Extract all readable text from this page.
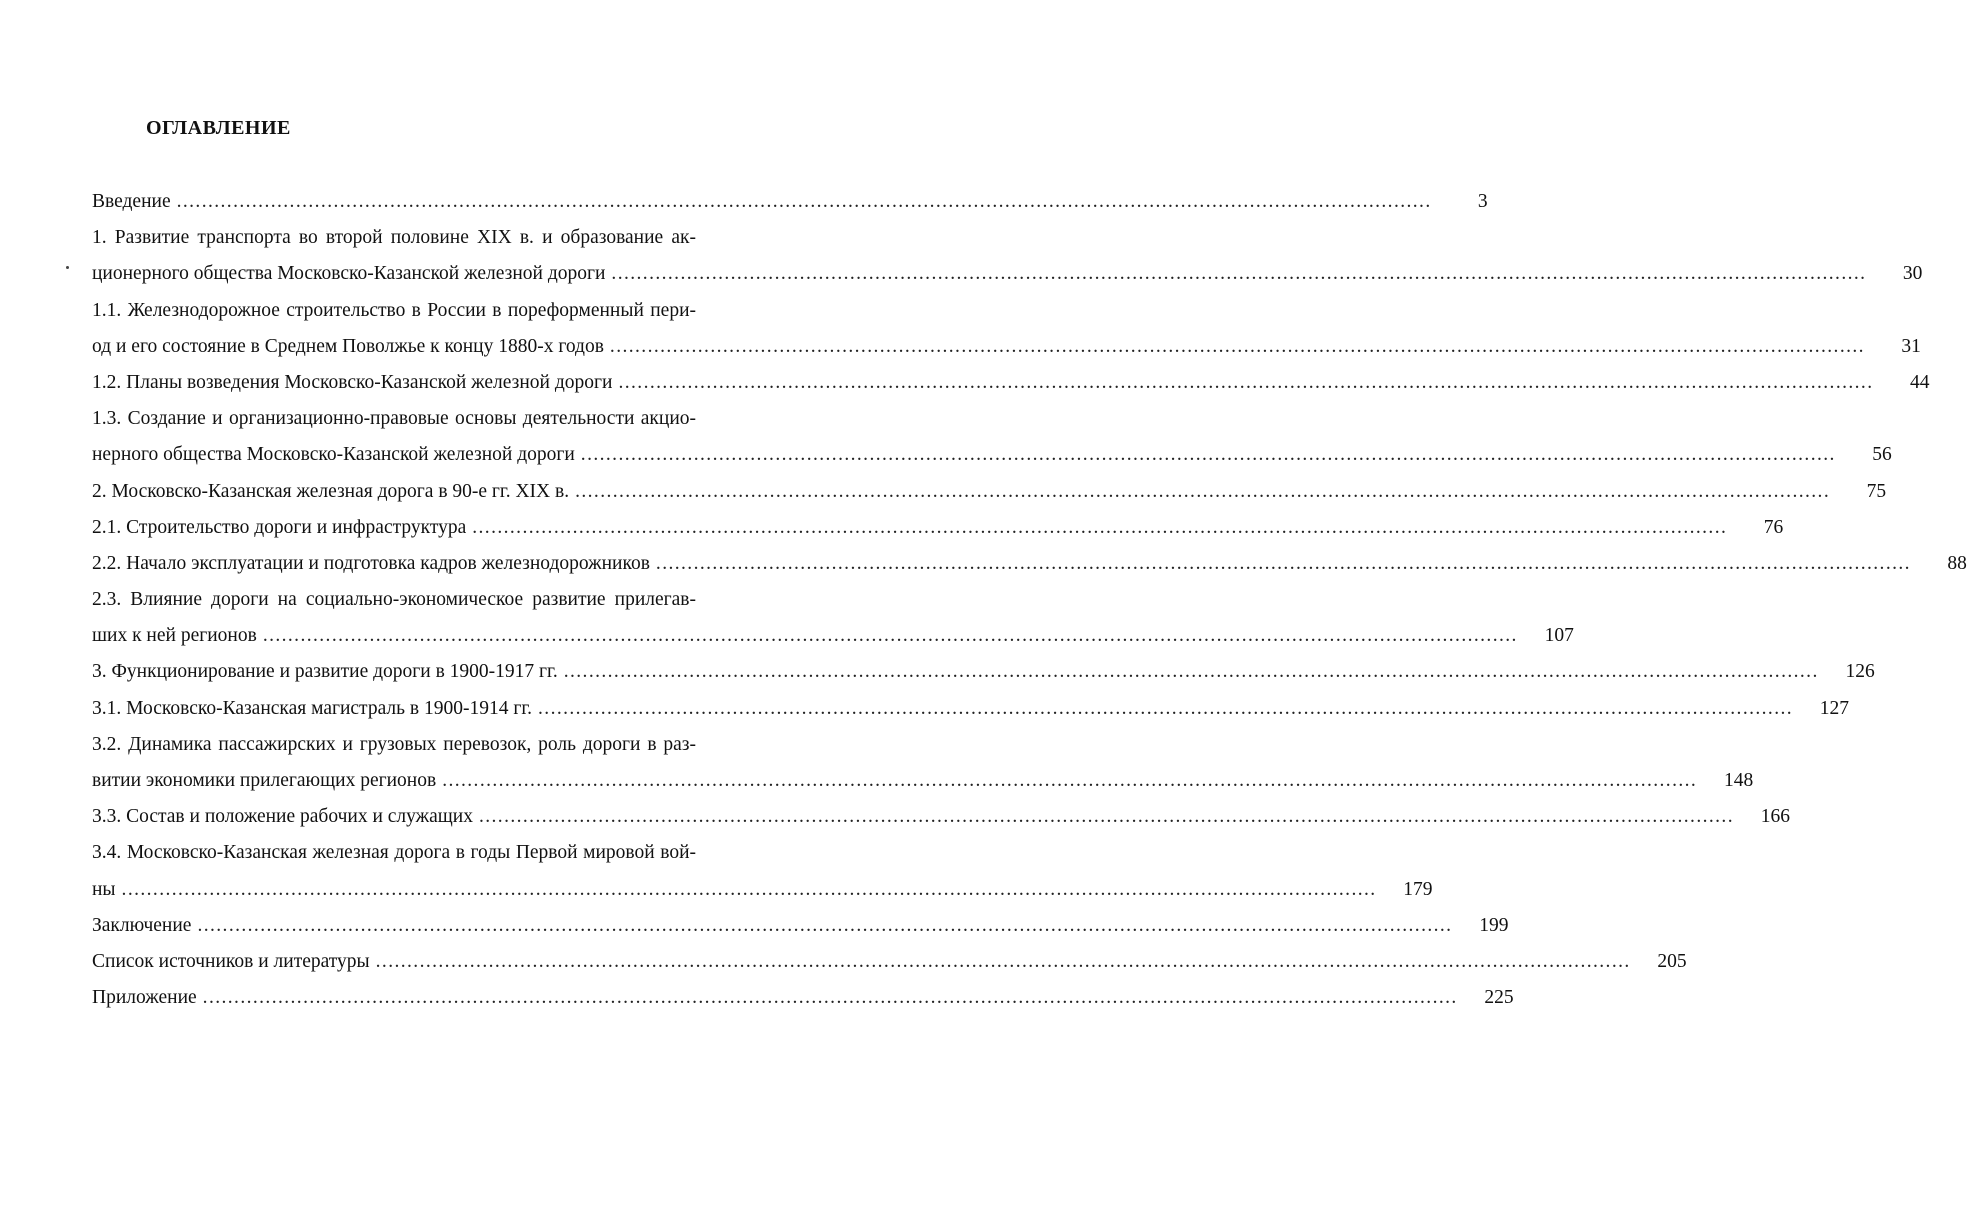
ОГЛАВЛЕНИЕ
Введение ........................................................................................................................................................................................................	3
1. Развитие транспорта во второй половине XIX в. и образование ак-
ционерного общества Московско-Казанской железной дороги ........................................................................................................................................................................................................	30
1.1. Железнодорожное строительство в России в пореформенный пери-
од и его состояние в Среднем Поволжье к концу 1880-х годов ........................................................................................................................................................................................................	31
1.2. Планы возведения Московско-Казанской железной дороги ........................................................................................................................................................................................................	44
1.3. Создание и организационно-правовые основы деятельности акцио-
нерного общества Московско-Казанской железной дороги ........................................................................................................................................................................................................	56
2. Московско-Казанская железная дорога в 90-е гг. XIX в. ........................................................................................................................................................................................................	75
2.1. Строительство дороги и инфраструктура ........................................................................................................................................................................................................	76
2.2. Начало эксплуатации и подготовка кадров железнодорожников ........................................................................................................................................................................................................	88
2.3. Влияние дороги на социально-экономическое развитие прилегав-
ших к ней регионов ........................................................................................................................................................................................................	107
3. Функционирование и развитие дороги в 1900-1917 гг. ........................................................................................................................................................................................................	126
3.1. Московско-Казанская магистраль в 1900-1914 гг. ........................................................................................................................................................................................................	127
3.2. Динамика пассажирских и грузовых перевозок, роль дороги в раз-
витии экономики прилегающих регионов ........................................................................................................................................................................................................	148
3.3. Состав и положение рабочих и служащих ........................................................................................................................................................................................................	166
3.4. Московско-Казанская железная дорога в годы Первой мировой вой-
ны ........................................................................................................................................................................................................	179
Заключение ........................................................................................................................................................................................................	199
Список источников и литературы ........................................................................................................................................................................................................	205
Приложение ........................................................................................................................................................................................................	225
